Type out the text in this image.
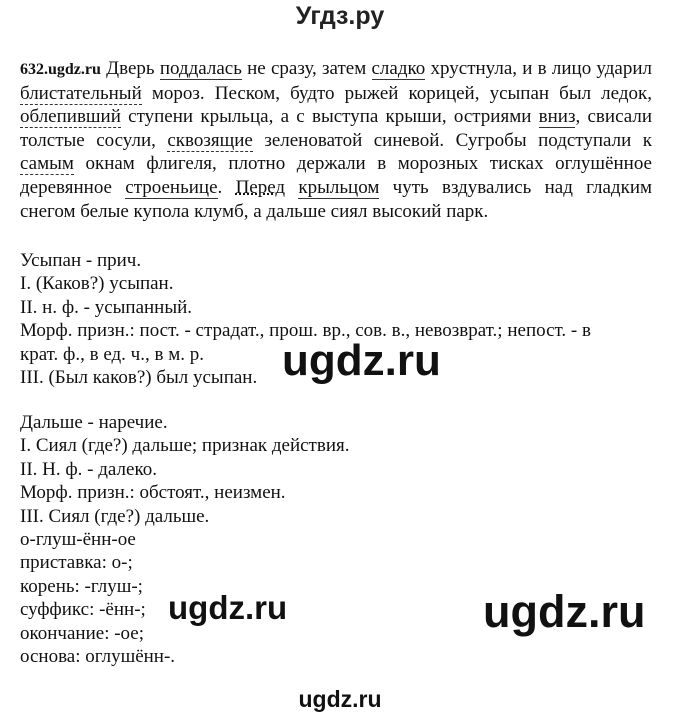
Угдз.ру
632.ugdz.ru Дверь поддалась не сразу, затем сладко хрустнула, и в лицо ударил блистательный мороз. Песком, будто рыжей корицей, усыпан был ледок, облепивший ступени крыльца, а с выступа крыши, остриями вниз, свисали толстые сосули, сквозящие зеленоватой синевой. Сугробы подступали к самым окнам флигеля, плотно держали в морозных тисках оглушённое деревянное строеньице. Перед крыльцом чуть вздувались над гладким снегом белые купола клумб, а дальше сиял высокий парк.
Усыпан - прич.
I. (Каков?) усыпан.
II. н. ф. - усыпанный.
Морф. призн.: пост. - страдат., прош. вр., сов. в., невозврат.; непост. - в
крат. ф., в ед. ч., в м. р.
III. (Был каков?) был усыпан.
Дальше - наречие.
I. Сиял (где?) дальше; признак действия.
II. Н. ф. - далеко.
Морф. призн.: обстоят., неизмен.
III. Сиял (где?) дальше.
о-глуш-ённ-ое
приставка: о-;
корень: -глуш-;
суффикс: -ённ-;
окончание: -ое;
основа: оглушённ-.
ugdz.ru
ugdz.ru	ugdz.ru
ugdz.ru
